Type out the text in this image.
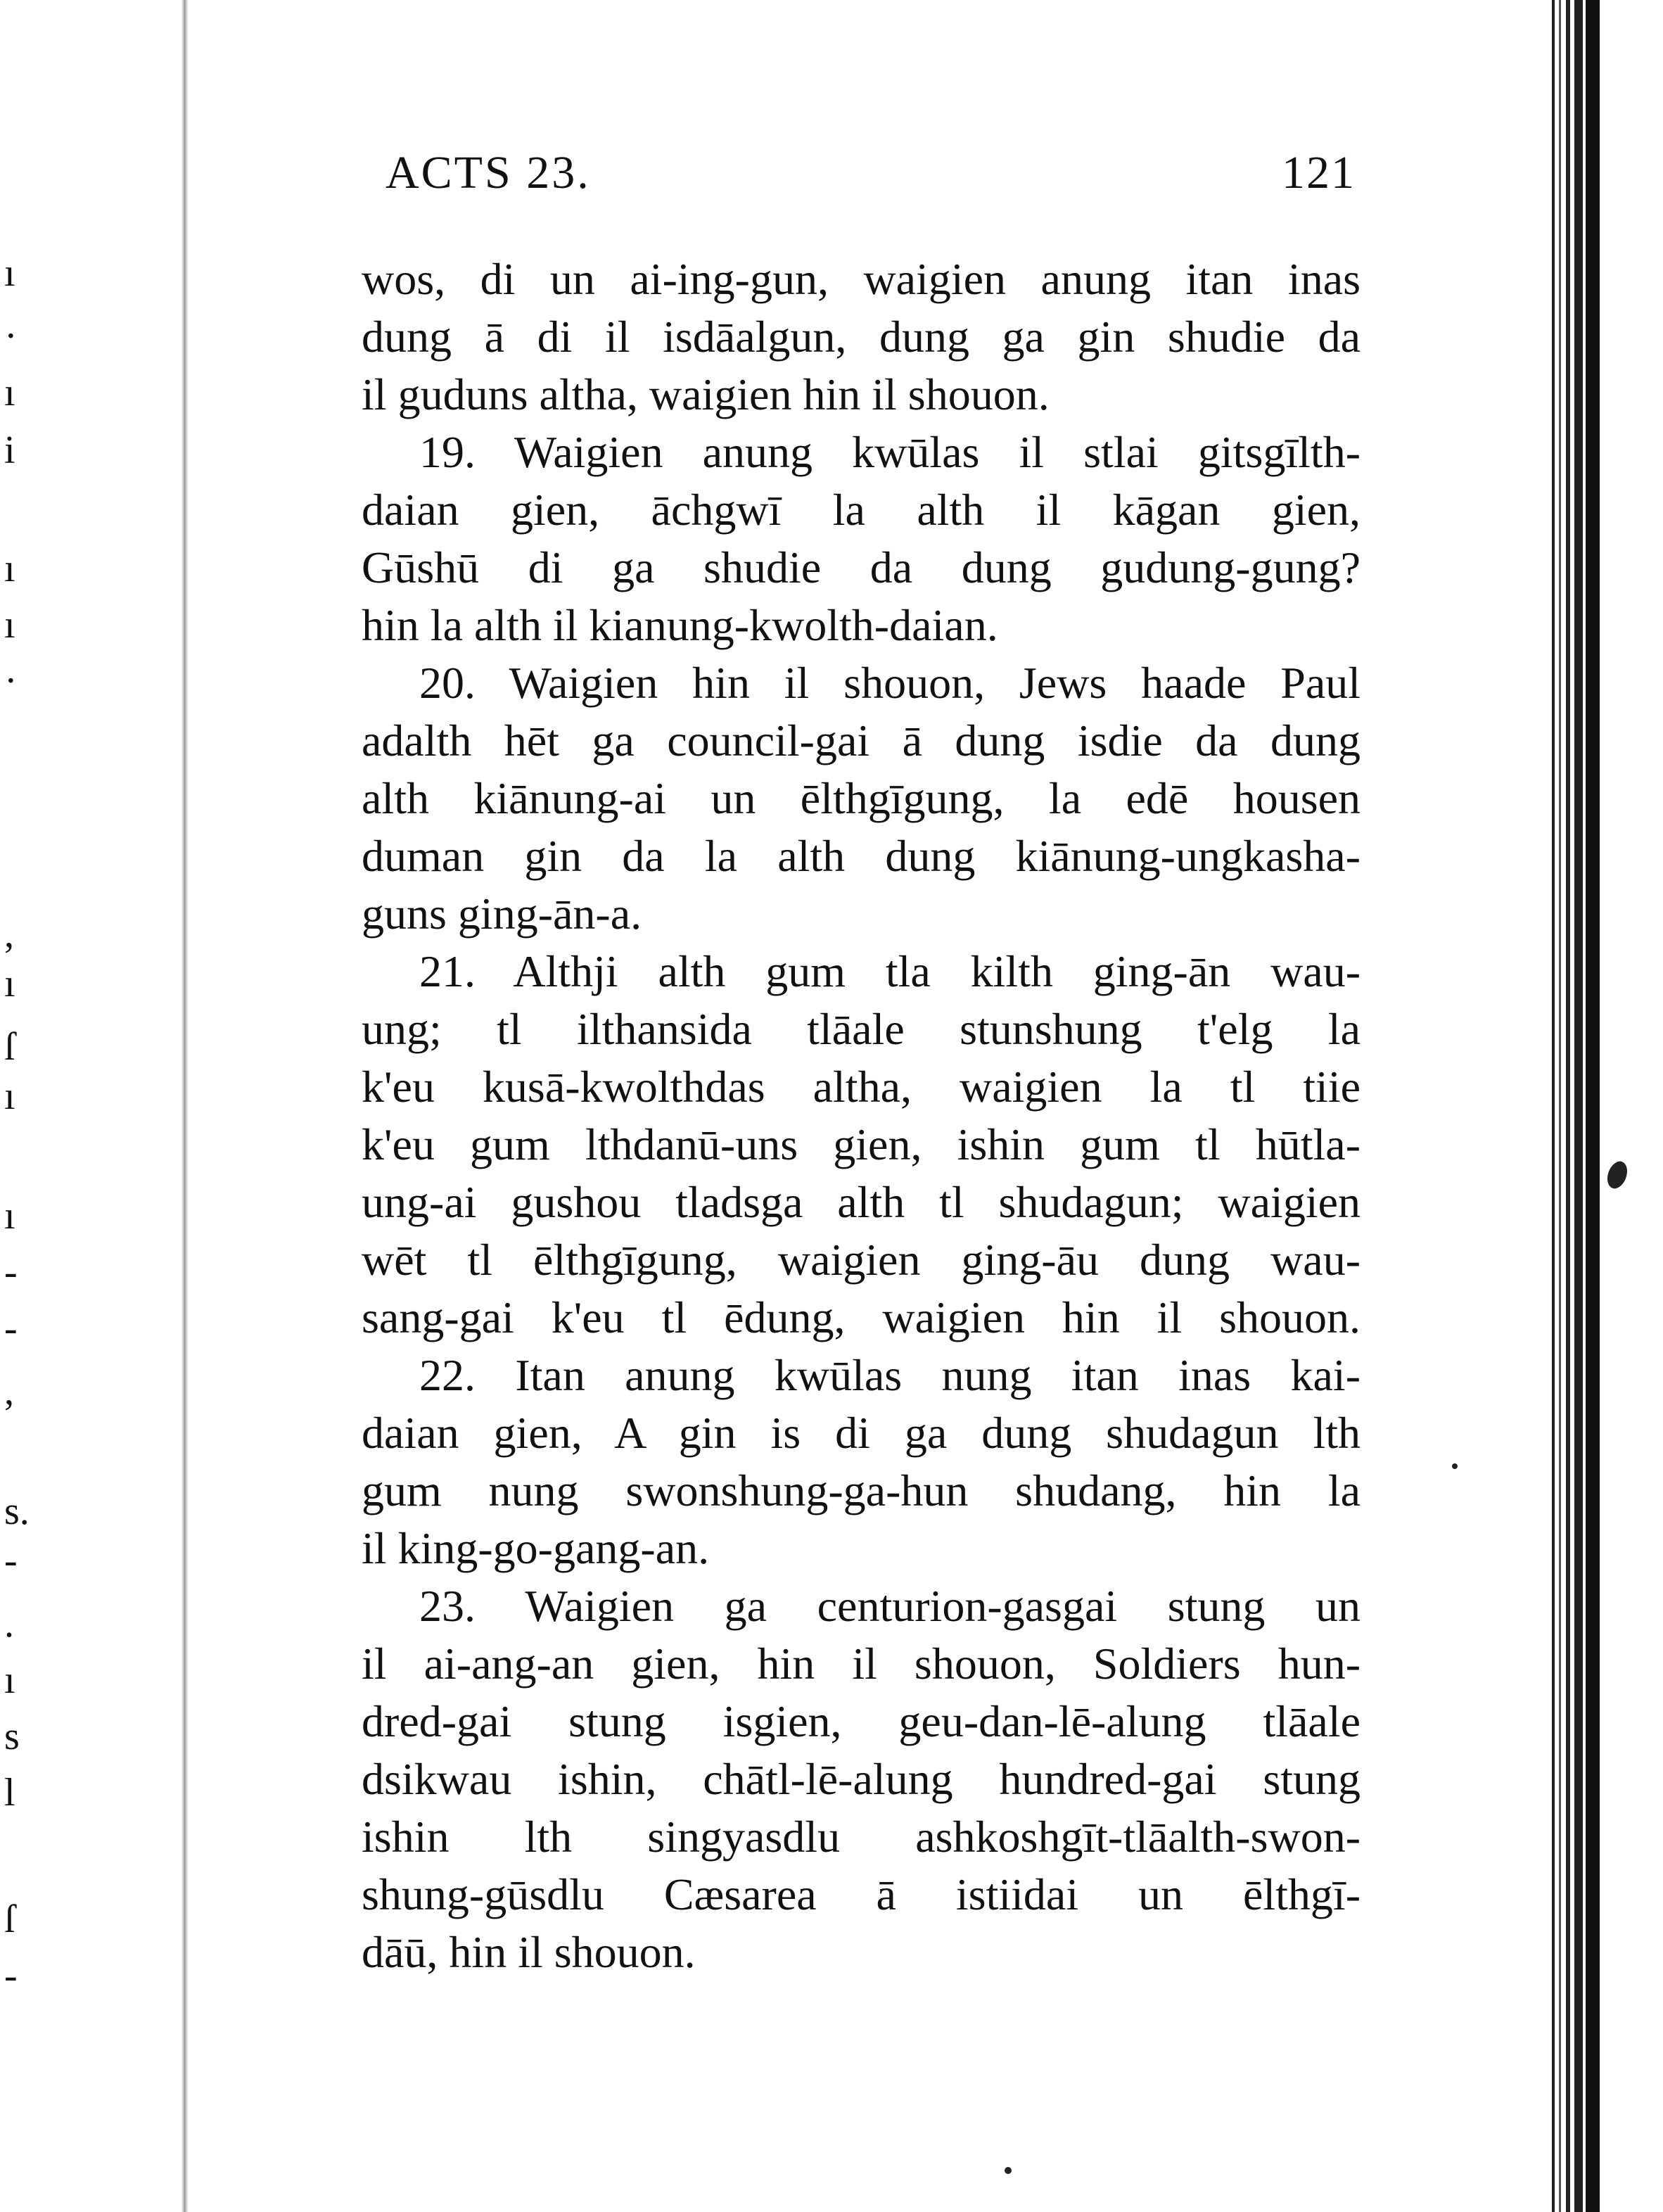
ı
·
ı
i
ı
ı
·
,
ı
ſ
ı
ı
-
-
,
s.
-
.
ı
s
l
ſ
-
ACTS 23.	121
wos, di un ai-ing-gun, waigien anung itan inas
dung ā di il isdāalgun, dung ga gin shudie da
il guduns altha, waigien hin il shouon.
19. Waigien anung kwūlas il stlai gitsgīlth-
daian gien, āchgwī la alth il kāgan gien,
Gūshū di ga shudie da dung gudung-gung?
hin la alth il kianung-kwolth-daian.
20. Waigien hin il shouon, Jews haade Paul
adalth hēt ga council-gai ā dung isdie da dung
alth kiānung-ai un ēlthgīgung, la edē housen
duman gin da la alth dung kiānung-ungkasha-
guns ging-ān-a.
21. Althji alth gum tla kilth ging-ān wau-
ung; tl ilthansida tlāale stunshung t'elg la
k'eu kusā-kwolthdas altha, waigien la tl tiie
k'eu gum lthdanū-uns gien, ishin gum tl hūtla-
ung-ai gushou tladsga alth tl shudagun; waigien
wēt tl ēlthgīgung, waigien ging-āu dung wau-
sang-gai k'eu tl ēdung, waigien hin il shouon.
22. Itan anung kwūlas nung itan inas kai-
daian gien, A gin is di ga dung shudagun lth
gum nung swonshung-ga-hun shudang, hin la
il king-go-gang-an.
23. Waigien ga centurion-gasgai stung un
il ai-ang-an gien, hin il shouon, Soldiers hun-
dred-gai stung isgien, geu-dan-lē-alung tlāale
dsikwau ishin, chātl-lē-alung hundred-gai stung
ishin lth singyasdlu ashkoshgīt-tlāalth-swon-
shung-gūsdlu Cæsarea ā istiidai un ēlthgī-
dāū, hin il shouon.
